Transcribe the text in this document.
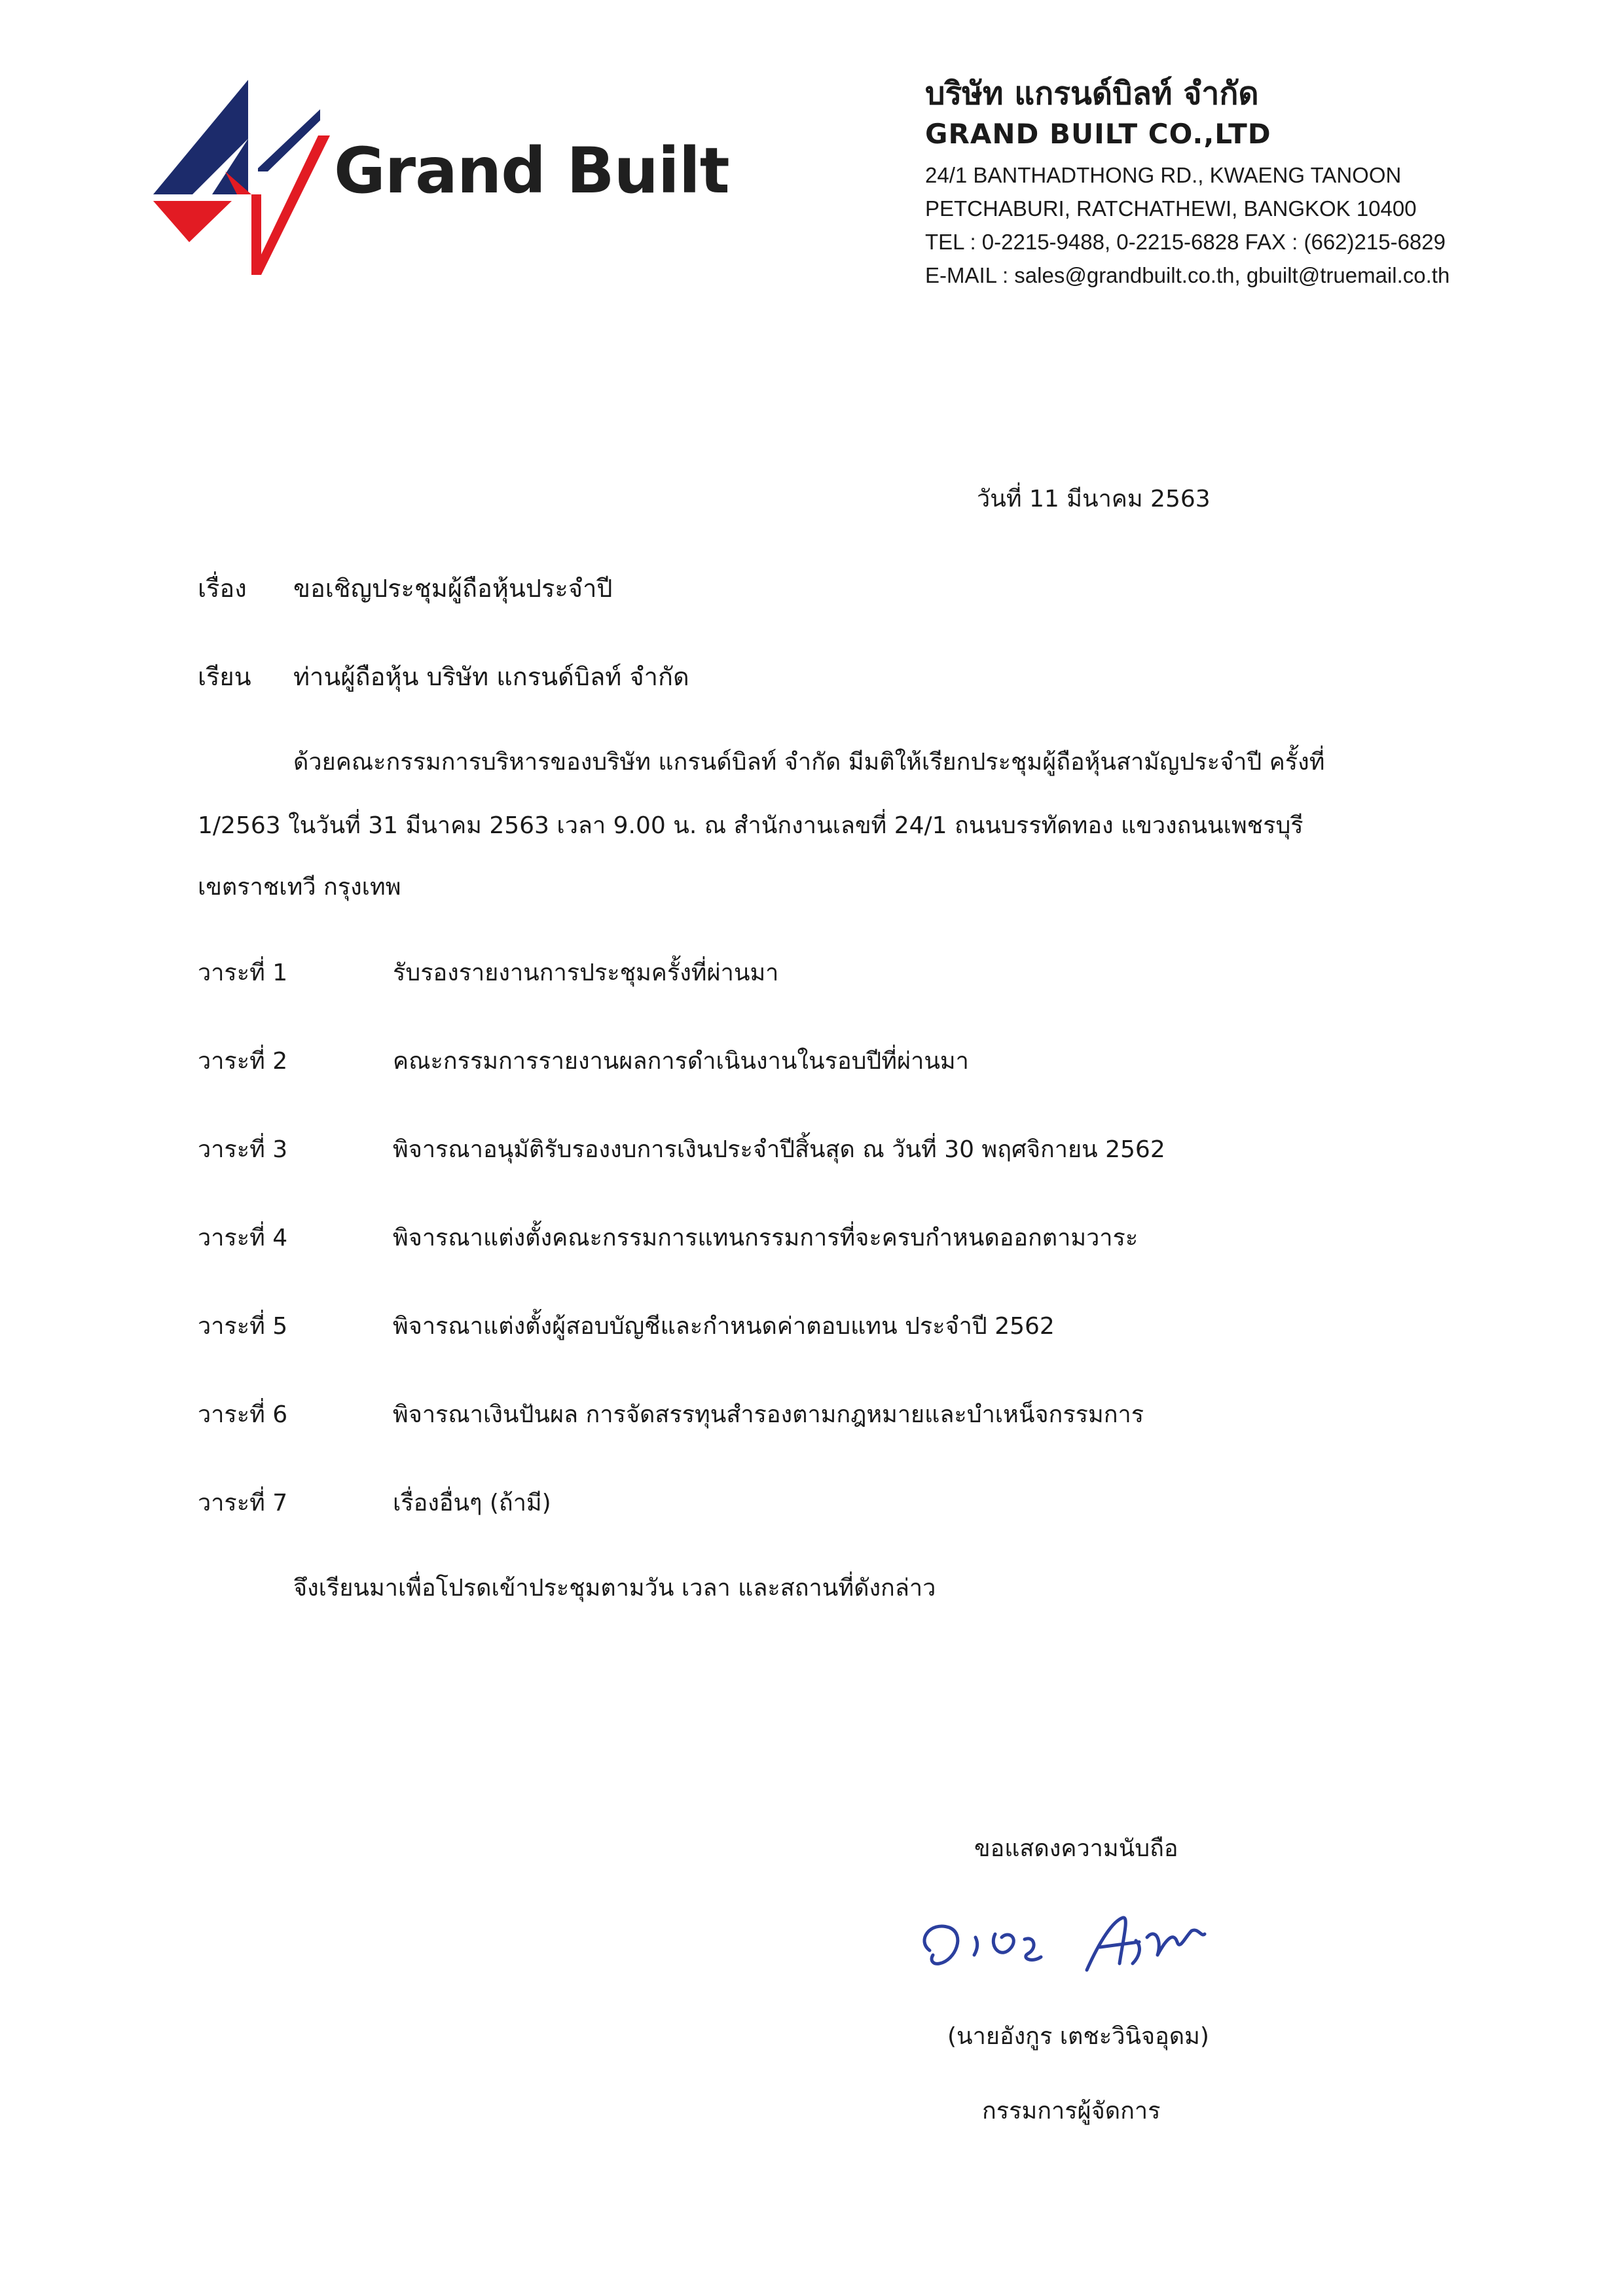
Grand Built
บริษัท แกรนด์บิลท์ จำกัด
GRAND BUILT CO.,LTD
24/1 BANTHADTHONG RD., KWAENG TANOON
PETCHABURI, RATCHATHEWI, BANGKOK 10400
TEL : 0-2215-9488, 0-2215-6828 FAX : (662)215-6829
E-MAIL : sales@grandbuilt.co.th, gbuilt@truemail.co.th
วันที่ 11 มีนาคม 2563
เรื่อง ขอเชิญประชุมผู้ถือหุ้นประจำปี
เรียน ท่านผู้ถือหุ้น บริษัท แกรนด์บิลท์ จำกัด
ด้วยคณะกรรมการบริหารของบริษัท แกรนด์บิลท์ จำกัด มีมติให้เรียกประชุมผู้ถือหุ้นสามัญประจำปี ครั้งที่
1/2563 ในวันที่ 31 มีนาคม 2563 เวลา 9.00 น. ณ สำนักงานเลขที่ 24/1 ถนนบรรทัดทอง แขวงถนนเพชรบุรี
เขตราชเทวี กรุงเทพ
วาระที่ 1	รับรองรายงานการประชุมครั้งที่ผ่านมา
วาระที่ 2	คณะกรรมการรายงานผลการดำเนินงานในรอบปีที่ผ่านมา
วาระที่ 3	พิจารณาอนุมัติรับรองงบการเงินประจำปีสิ้นสุด ณ วันที่ 30 พฤศจิกายน 2562
วาระที่ 4	พิจารณาแต่งตั้งคณะกรรมการแทนกรรมการที่จะครบกำหนดออกตามวาระ
วาระที่ 5	พิจารณาแต่งตั้งผู้สอบบัญชีและกำหนดค่าตอบแทน ประจำปี 2562
วาระที่ 6	พิจารณาเงินปันผล การจัดสรรทุนสำรองตามกฎหมายและบำเหน็จกรรมการ
วาระที่ 7	เรื่องอื่นๆ (ถ้ามี)
จึงเรียนมาเพื่อโปรดเข้าประชุมตามวัน เวลา และสถานที่ดังกล่าว
ขอแสดงความนับถือ
(นายอังกูร เตชะวินิจอุดม)
กรรมการผู้จัดการ
